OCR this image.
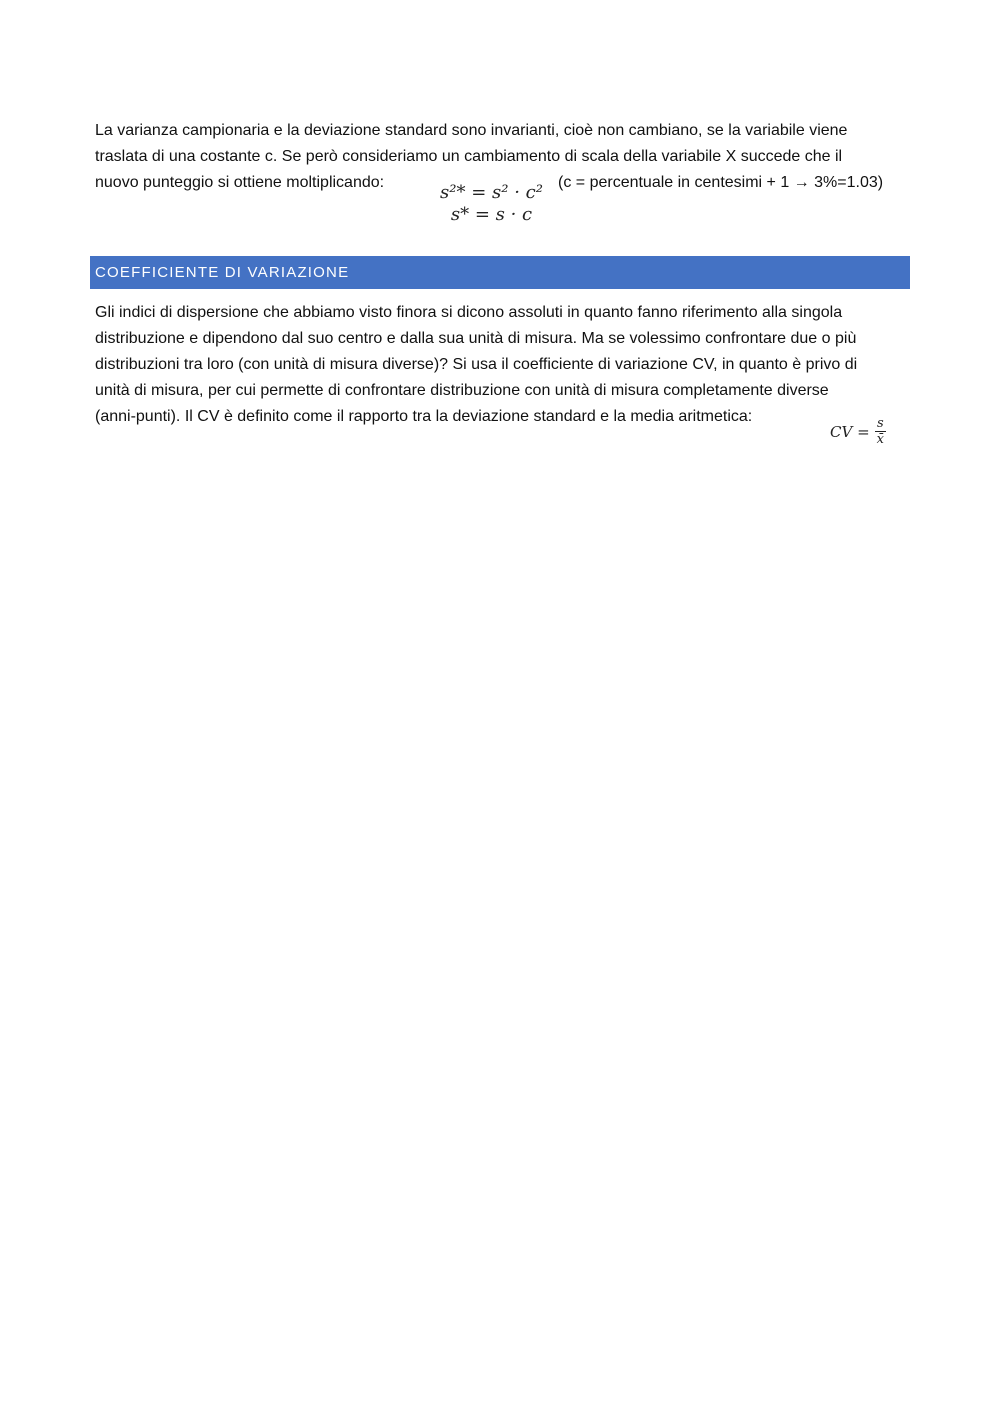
La varianza campionaria e la deviazione standard sono invarianti, cioè non cambiano, se la variabile viene
traslata di una costante c. Se però consideriamo un cambiamento di scala della variabile X succede che il
nuovo punteggio si ottiene moltiplicando:	s²* = s² · c²
s* = s · c
(c = percentuale in centesimi + 1 → 3%=1.03)
COEFFICIENTE DI VARIAZIONE
Gli indici di dispersione che abbiamo visto finora si dicono assoluti in quanto fanno riferimento alla singola
distribuzione e dipendono dal suo centro e dalla sua unità di misura. Ma se volessimo confrontare due o più
distribuzioni tra loro (con unità di misura diverse)? Si usa il coefficiente di variazione CV, in quanto è privo di
unità di misura, per cui permette di confrontare distribuzione con unità di misura completamente diverse
(anni-punti). Il CV è definito come il rapporto tra la deviazione standard e la media aritmetica:
CV = $\frac{s}{x̄}$
